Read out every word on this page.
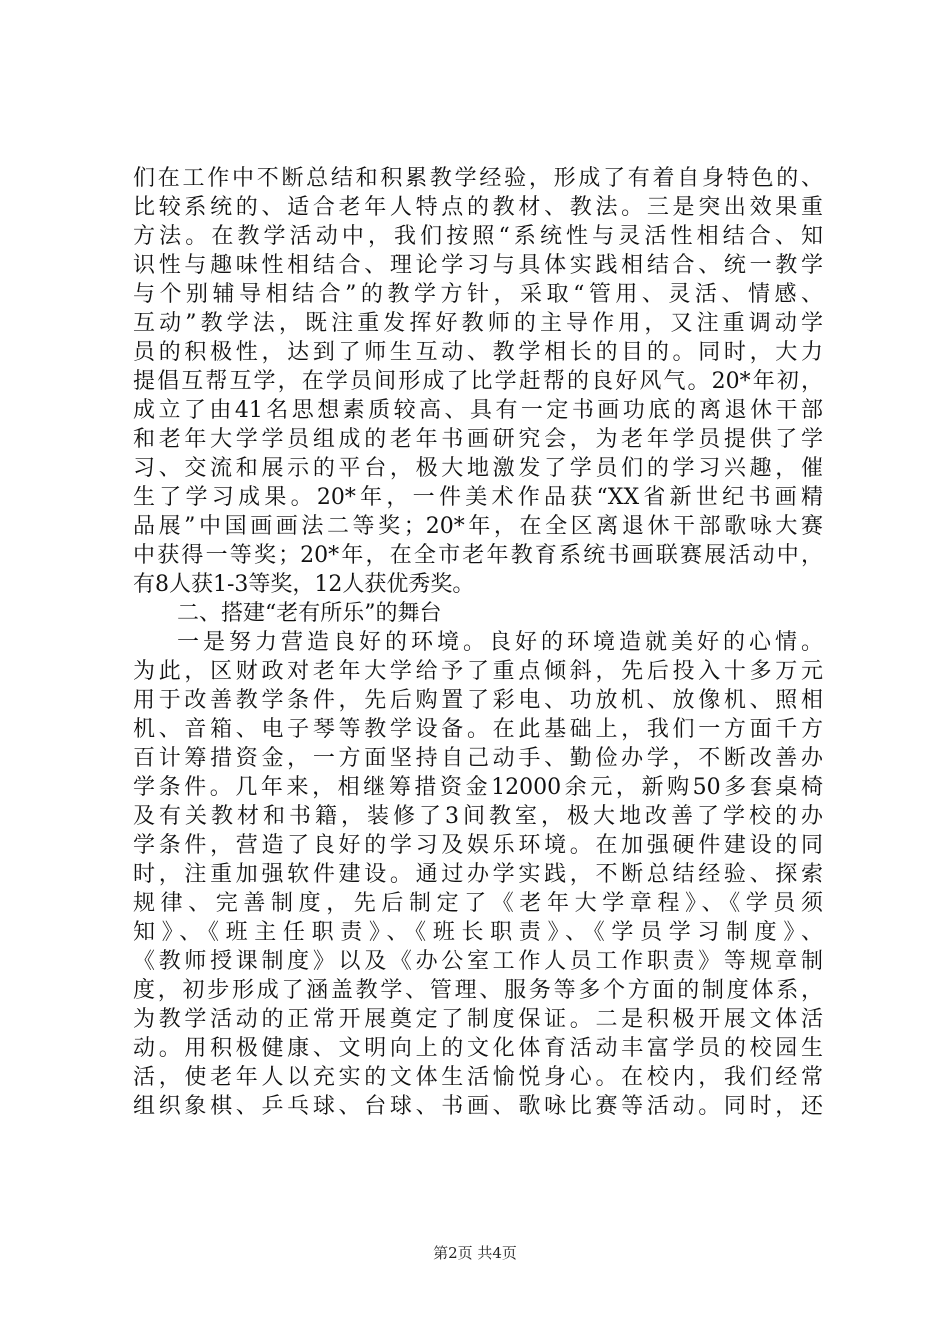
们在工作中不断总结和积累教学经验，形成了有着自身特色的、
比较系统的、适合老年人特点的教材、教法。三是突出效果重
方法。在教学活动中，我们按照“系统性与灵活性相结合、知
识性与趣味性相结合、理论学习与具体实践相结合、统一教学
与个别辅导相结合”的教学方针，采取“管用、灵活、情感、
互动”教学法，既注重发挥好教师的主导作用，又注重调动学
员的积极性，达到了师生互动、教学相长的目的。同时，大力
提倡互帮互学，在学员间形成了比学赶帮的良好风气。20*年初，
成立了由41名思想素质较高、具有一定书画功底的离退休干部
和老年大学学员组成的老年书画研究会，为老年学员提供了学
习、交流和展示的平台，极大地激发了学员们的学习兴趣，催
生了学习成果。20*年，一件美术作品获“XX省新世纪书画精
品展”中国画画法二等奖；20*年，在全区离退休干部歌咏大赛
中获得一等奖；20*年，在全市老年教育系统书画联赛展活动中，
有8人获1-3等奖，12人获优秀奖。
二、搭建“老有所乐”的舞台
一是努力营造良好的环境。良好的环境造就美好的心情。
为此，区财政对老年大学给予了重点倾斜，先后投入十多万元
用于改善教学条件，先后购置了彩电、功放机、放像机、照相
机、音箱、电子琴等教学设备。在此基础上，我们一方面千方
百计筹措资金，一方面坚持自己动手、勤俭办学，不断改善办
学条件。几年来，相继筹措资金12000余元，新购50多套桌椅
及有关教材和书籍，装修了3间教室，极大地改善了学校的办
学条件，营造了良好的学习及娱乐环境。在加强硬件建设的同
时，注重加强软件建设。通过办学实践，不断总结经验、探索
规律、完善制度，先后制定了《老年大学章程》、《学员须
知》、《班主任职责》、《班长职责》、《学员学习制度》、
《教师授课制度》以及《办公室工作人员工作职责》等规章制
度，初步形成了涵盖教学、管理、服务等多个方面的制度体系，
为教学活动的正常开展奠定了制度保证。二是积极开展文体活
动。用积极健康、文明向上的文化体育活动丰富学员的校园生
活，使老年人以充实的文体生活愉悦身心。在校内，我们经常
组织象棋、乒乓球、台球、书画、歌咏比赛等活动。同时，还
第2页 共4页
